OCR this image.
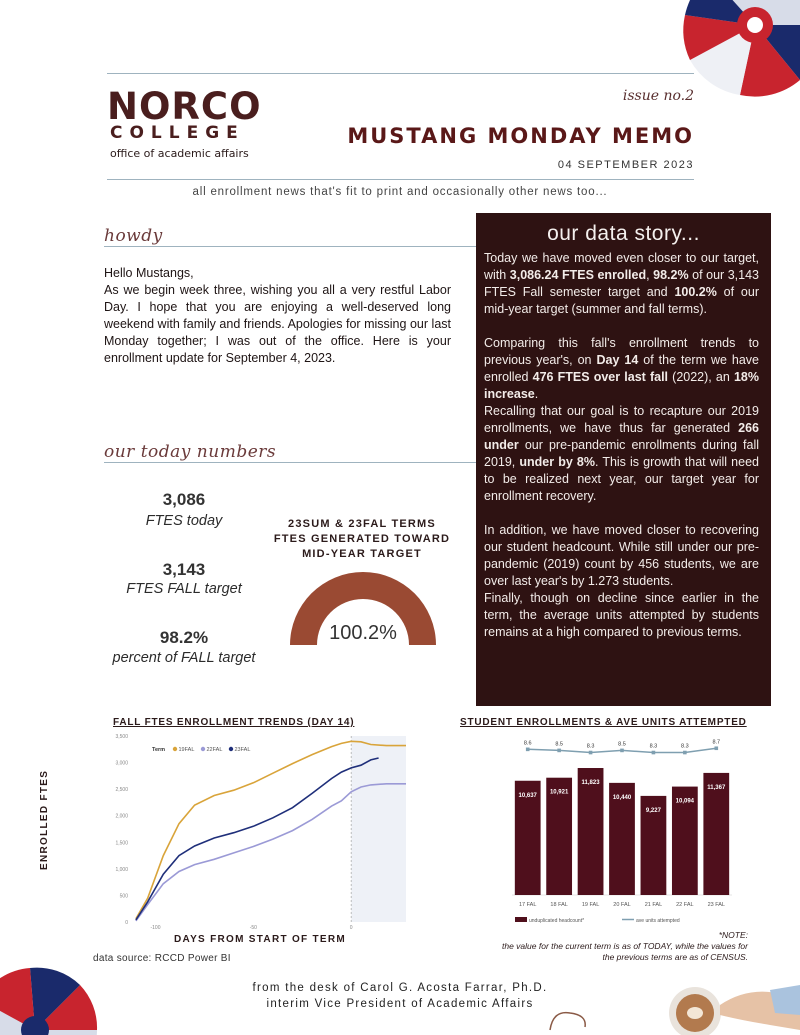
NORCO
COLLEGE
office of academic affairs
issue no.2
MUSTANG MONDAY MEMO
04 SEPTEMBER 2023
all enrollment news that's fit to print and occasionally other news too...
howdy

Hello Mustangs,

As we begin week three, wishing you all a very restful Labor Day. I hope that you are enjoying a well-deserved long weekend with family and friends. Apologies for missing our last Monday together; I was out of the office. Here is your enrollment update for September 4, 2023.

our data story...

Today we have moved even closer to our target, with 3,086.24 FTES enrolled, 98.2% of our 3,143 FTES Fall semester target and 100.2% of our mid-year target (summer and fall terms).

Comparing this fall's enrollment trends to previous year's, on Day 14 of the term we have enrolled 476 FTES over last fall (2022), an 18% increase.

Recalling that our goal is to recapture our 2019 enrollments, we have thus far generated 266 under our pre-pandemic enrollments during fall 2019, under by 8%. This is growth that will need to be realized next year, our target year for enrollment recovery.

In addition, we have moved closer to recovering our student headcount. While still under our pre-pandemic (2019) count by 456 students, we are over last year's by 1.273 students.

Finally, though on decline since earlier in the term, the average units attempted by students remains at a high compared to previous terms.

our today numbers
3,086
FTES today
3,143
FTES FALL target
98.2%
percent of FALL target
23SUM & 23FAL TERMS
FTES GENERATED TOWARD
MID-YEAR TARGET
100.2%
FALL FTES ENROLLMENT TRENDS (DAY 14)
0
500
1,000
1,500
2,000
2,500
3,000
3,500
-100	-50	0
Term 19FAL 22FAL 23FAL
ENROLLED FTES
DAYS FROM START OF TERM
data source: RCCD Power BI
STUDENT ENROLLMENTS & AVE UNITS ATTEMPTED
10,637
17 FAL
10,921
18 FAL
11,823
19 FAL
10,440
20 FAL
9,227
21 FAL
10,094
22 FAL
11,367
23 FAL
8.6	8.5	8.3	8.5	8.3	8.3
8.7
unduplicated headcount*	ave units attempted
*NOTE:
the value for the current term is as of TODAY, while the values for
the previous terms are as of CENSUS.
from the desk of Carol G. Acosta Farrar, Ph.D.
interim Vice President of Academic Affairs
